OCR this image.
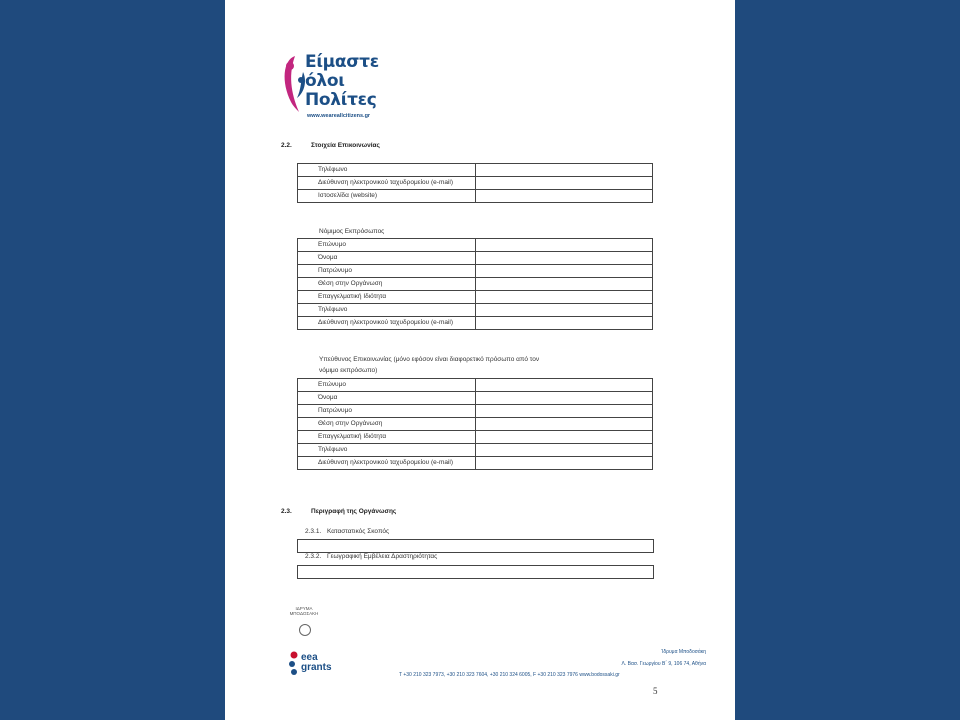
Είμαστε
όλοι
Πολίτες
www.weareallcitizens.gr
2.2.	Στοιχεία Επικοινωνίας
Τηλέφωνο	
Διεύθυνση ηλεκτρονικού ταχυδρομείου (e-mail)	
Ιστοσελίδα (website)	
Νόμιμος Εκπρόσωπος
Επώνυμο	
Όνομα	
Πατρώνυμο	
Θέση στην Οργάνωση	
Επαγγελματική Ιδιότητα	
Τηλέφωνο	
Διεύθυνση ηλεκτρονικού ταχυδρομείου (e-mail)	
Υπεύθυνος Επικοινωνίας (μόνο εφόσον είναι διαφορετικό πρόσωπο από τον
νόμιμο εκπρόσωπο)
Επώνυμο	
Όνομα	
Πατρώνυμο	
Θέση στην Οργάνωση	
Επαγγελματική Ιδιότητα	
Τηλέφωνο	
Διεύθυνση ηλεκτρονικού ταχυδρομείου (e-mail)	
2.3.	Περιγραφή της Οργάνωσης
2.3.1. Καταστατικός Σκοπός
2.3.2. Γεωγραφική Εμβέλεια Δραστηριότητας
ΙΔΡΥΜΑ
ΜΠΟΔΟΣΑΚΗ
eea
grants
Ίδρυμα Μποδοσάκη
Λ. Βασ. Γεωργίου Β΄ 9, 106 74, Αθήνα
T +30 210 323 7973, +30 210 323 7604, +30 210 324 6005, F +30 210 323 7976 www.bodossaki.gr
5
